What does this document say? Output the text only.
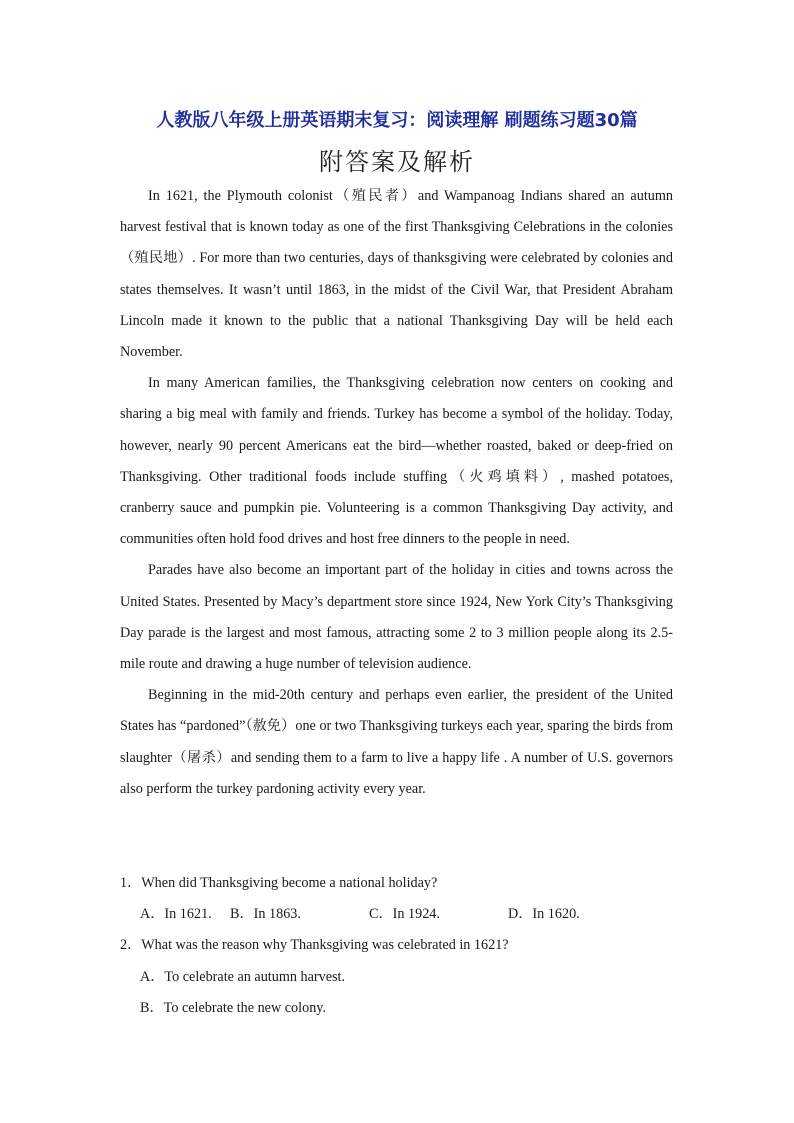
人教版八年级上册英语期末复习：阅读理解 刷题练习题30篇
附答案及解析

In 1621, the Plymouth colonist（殖民者）and Wampanoag Indians shared an autumn harvest festival that is known today as one of the first Thanksgiving Celebrations in the colonies（殖民地）. For more than two centuries, days of thanksgiving were celebrated by colonies and states themselves. It wasn’t until 1863, in the midst of the Civil War, that President Abraham Lincoln made it known to the public that a national Thanksgiving Day will be held each November.

In many American families, the Thanksgiving celebration now centers on cooking and sharing a big meal with family and friends. Turkey has become a symbol of the holiday. Today, however, nearly 90 percent Americans eat the bird—whether roasted, baked or deep-fried on Thanksgiving. Other traditional foods include stuffing（火鸡填料）, mashed potatoes, cranberry sauce and pumpkin pie. Volunteering is a common Thanksgiving Day activity, and communities often hold food drives and host free dinners to the people in need.

Parades have also become an important part of the holiday in cities and towns across the United States. Presented by Macy’s department store since 1924, New York City’s Thanksgiving Day parade is the largest and most famous, attracting some 2 to 3 million people along its 2.5-mile route and drawing a huge number of television audience.

Beginning in the mid-20th century and perhaps even earlier, the president of the United States has “pardoned”（赦免）one or two Thanksgiving turkeys each year, sparing the birds from slaughter（屠杀）and sending them to a farm to live a happy life . A number of U.S. governors also perform the turkey pardoning activity every year.

1．When did Thanksgiving become a national holiday?
A．In 1621. B．In 1863.	C．In 1924.	D．In 1620.
2．What was the reason why Thanksgiving was celebrated in 1621?
A．To celebrate an autumn harvest.
B．To celebrate the new colony.
